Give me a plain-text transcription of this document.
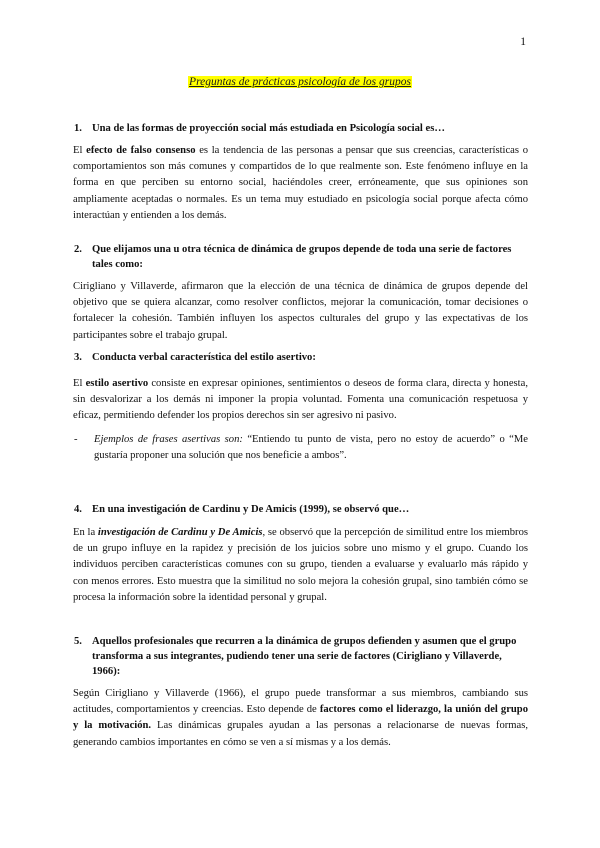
1
Preguntas de prácticas psicología de los grupos
1. Una de las formas de proyección social más estudiada en Psicología social es…
El efecto de falso consenso es la tendencia de las personas a pensar que sus creencias, características o comportamientos son más comunes y compartidos de lo que realmente son. Este fenómeno influye en la forma en que perciben su entorno social, haciéndoles creer, erróneamente, que sus opiniones son ampliamente aceptadas o normales. Es un tema muy estudiado en psicología social porque afecta cómo interactúan y entienden a los demás.
2. Que elijamos una u otra técnica de dinámica de grupos depende de toda una serie de factores tales como:
Cirigliano y Villaverde, afirmaron que la elección de una técnica de dinámica de grupos depende del objetivo que se quiera alcanzar, como resolver conflictos, mejorar la comunicación, tomar decisiones o fortalecer la cohesión. También influyen los aspectos culturales del grupo y las expectativas de los participantes sobre el trabajo grupal.
3. Conducta verbal característica del estilo asertivo:
El estilo asertivo consiste en expresar opiniones, sentimientos o deseos de forma clara, directa y honesta, sin desvalorizar a los demás ni imponer la propia voluntad. Fomenta una comunicación respetuosa y eficaz, permitiendo defender los propios derechos sin ser agresivo ni pasivo.
- Ejemplos de frases asertivas son: “Entiendo tu punto de vista, pero no estoy de acuerdo” o “Me gustaría proponer una solución que nos beneficie a ambos”.
4. En una investigación de Cardinu y De Amicis (1999), se observó que…
En la investigación de Cardinu y De Amicis, se observó que la percepción de similitud entre los miembros de un grupo influye en la rapidez y precisión de los juicios sobre uno mismo y el grupo. Cuando los individuos perciben características comunes con su grupo, tienden a evaluarse y evaluarlo más rápido y con menos errores. Esto muestra que la similitud no solo mejora la cohesión grupal, sino también cómo se procesa la información sobre la identidad personal y grupal.
5. Aquellos profesionales que recurren a la dinámica de grupos defienden y asumen que el grupo transforma a sus integrantes, pudiendo tener una serie de factores (Cirigliano y Villaverde, 1966):
Según Cirigliano y Villaverde (1966), el grupo puede transformar a sus miembros, cambiando sus actitudes, comportamientos y creencias. Esto depende de factores como el liderazgo, la unión del grupo y la motivación. Las dinámicas grupales ayudan a las personas a relacionarse de nuevas formas, generando cambios importantes en cómo se ven a sí mismas y a los demás.
